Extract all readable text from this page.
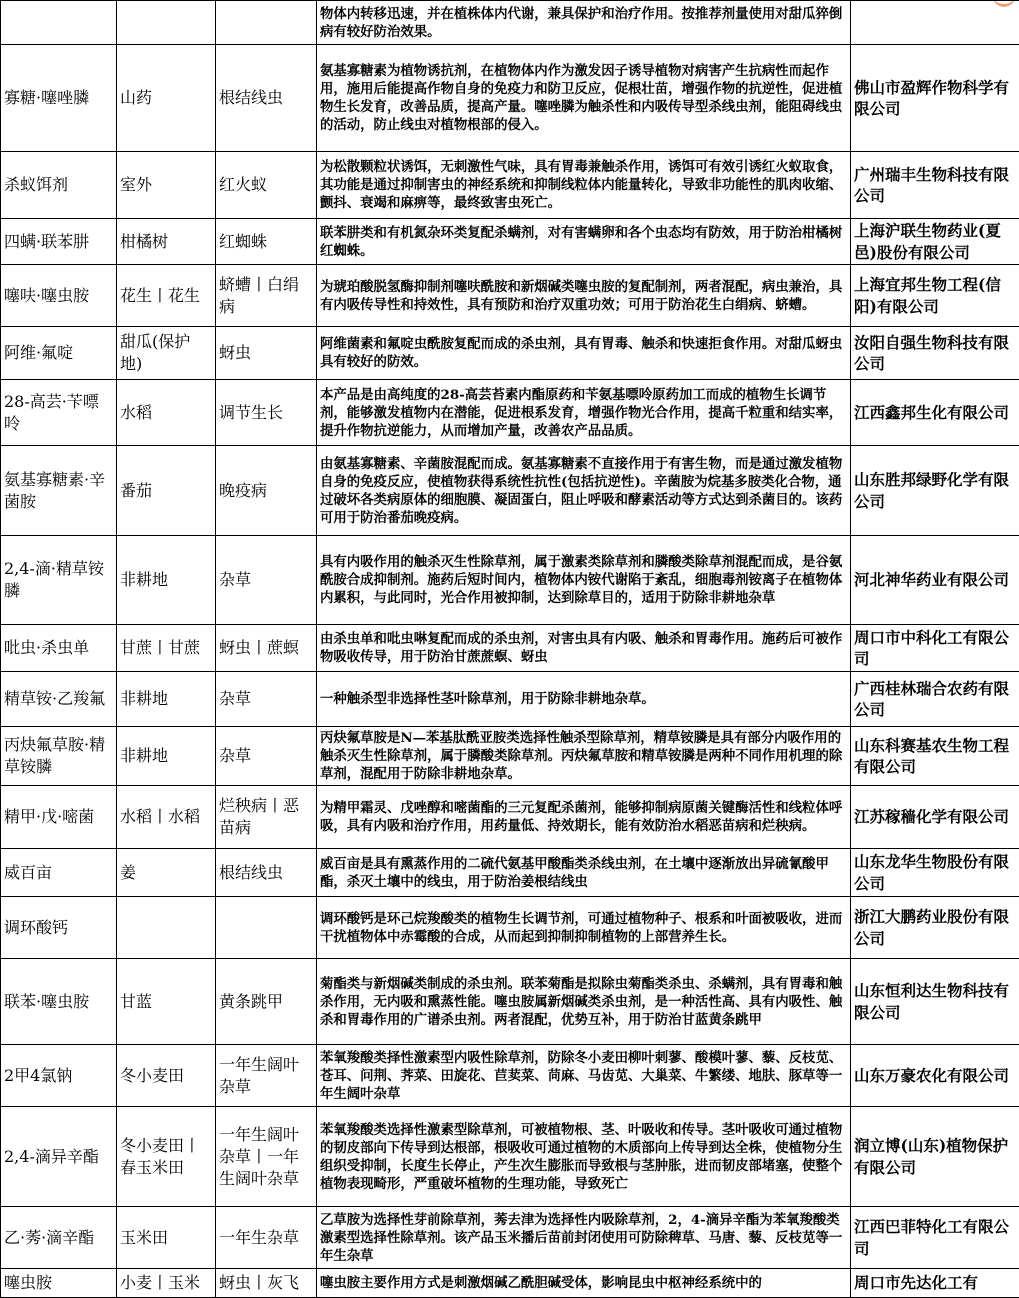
			物体内转移迅速，并在植株体内代谢，兼具保护和治疗作用。按推荐剂量使用对甜瓜猝倒病有较好防治效果。	
寡糖·噻唑膦	山药	根结线虫	氨基寡糖素为植物诱抗剂，在植物体内作为激发因子诱导植物对病害产生抗病性而起作用，施用后能提高作物自身的免疫力和防卫反应，促根壮苗，增强作物的抗逆性，促进植物生长发育，改善品质，提高产量。噻唑膦为触杀性和内吸传导型杀线虫剂，能阻碍线虫的活动，防止线虫对植物根部的侵入。	佛山市盈辉作物科学有限公司
杀蚁饵剂	室外	红火蚁	为松散颗粒状诱饵，无刺激性气味，具有胃毒兼触杀作用，诱饵可有效引诱红火蚁取食，其功能是通过抑制害虫的神经系统和抑制线粒体内能量转化，导致非功能性的肌肉收缩、颤抖、衰竭和麻痹等，最终致害虫死亡。	广州瑞丰生物科技有限公司
四螨·联苯肼	柑橘树	红蜘蛛	联苯肼类和有机氮杂环类复配杀螨剂，对有害螨卵和各个虫态均有防效，用于防治柑橘树红蜘蛛。	上海沪联生物药业(夏邑)股份有限公司
噻呋·噻虫胺	花生丨花生	蛴螬丨白绢病	为琥珀酸脱氢酶抑制剂噻呋酰胺和新烟碱类噻虫胺的复配制剂，两者混配，病虫兼治，具有内吸传导性和持效性，具有预防和治疗双重功效；可用于防治花生白绢病、蛴螬。	上海宜邦生物工程(信阳)有限公司
阿维·氟啶	甜瓜(保护地)	蚜虫	阿维菌素和氟啶虫酰胺复配而成的杀虫剂，具有胃毒、触杀和快速拒食作用。对甜瓜蚜虫具有较好的防效。	汝阳自强生物科技有限公司
28-高芸·苄嘌呤	水稻	调节生长	本产品是由高纯度的28-高芸苔素内酯原药和苄氨基嘌呤原药加工而成的植物生长调节剂，能够激发植物内在潜能，促进根系发育，增强作物光合作用，提高千粒重和结实率，提升作物抗逆能力，从而增加产量，改善农产品品质。	江西鑫邦生化有限公司
氨基寡糖素·辛菌胺	番茄	晚疫病	由氨基寡糖素、辛菌胺混配而成。氨基寡糖素不直接作用于有害生物，而是通过激发植物自身的免疫反应，使植物获得系统性抗性(包括抗逆性)。辛菌胺为烷基多胺类化合物，通过破坏各类病原体的细胞膜、凝固蛋白，阻止呼吸和酵素活动等方式达到杀菌目的。该药可用于防治番茄晚疫病。	山东胜邦绿野化学有限公司
2,4-滴·精草铵膦	非耕地	杂草	具有内吸作用的触杀灭生性除草剂，属于激素类除草剂和膦酸类除草剂混配而成，是谷氨酰胺合成抑制剂。施药后短时间内，植物体内铵代谢陷于紊乱，细胞毒剂铵离子在植物体内累积，与此同时，光合作用被抑制，达到除草目的，适用于防除非耕地杂草	河北神华药业有限公司
吡虫·杀虫单	甘蔗丨甘蔗	蚜虫丨蔗螟	由杀虫单和吡虫啉复配而成的杀虫剂，对害虫具有内吸、触杀和胃毒作用。施药后可被作物吸收传导，用于防治甘蔗蔗螟、蚜虫	周口市中科化工有限公司
精草铵·乙羧氟	非耕地	杂草	一种触杀型非选择性茎叶除草剂，用于防除非耕地杂草。	广西桂林瑞合农药有限公司
丙炔氟草胺·精草铵膦	非耕地	杂草	丙炔氟草胺是N—苯基肽酰亚胺类选择性触杀型除草剂，精草铵膦是具有部分内吸作用的触杀灭生性除草剂，属于膦酸类除草剂。丙炔氟草胺和精草铵膦是两种不同作用机理的除草剂，混配用于防除非耕地杂草。	山东科赛基农生物工程有限公司
精甲·戊·嘧菌	水稻丨水稻	烂秧病丨恶苗病	为精甲霜灵、戊唑醇和嘧菌酯的三元复配杀菌剂，能够抑制病原菌关键酶活性和线粒体呼吸，具有内吸和治疗作用，用药量低、持效期长，能有效防治水稻恶苗病和烂秧病。	江苏稼穑化学有限公司
威百亩	姜	根结线虫	威百亩是具有熏蒸作用的二硫代氨基甲酸酯类杀线虫剂，在土壤中逐渐放出异硫氰酸甲酯，杀灭土壤中的线虫，用于防治姜根结线虫	山东龙华生物股份有限公司
调环酸钙			调环酸钙是环己烷羧酸类的植物生长调节剂，可通过植物种子、根系和叶面被吸收，进而干扰植物体中赤霉酸的合成，从而起到抑制抑制植物的上部营养生长。	浙江大鹏药业股份有限公司
联苯·噻虫胺	甘蓝	黄条跳甲	菊酯类与新烟碱类制成的杀虫剂。联苯菊酯是拟除虫菊酯类杀虫、杀螨剂，具有胃毒和触杀作用，无内吸和熏蒸性能。噻虫胺属新烟碱类杀虫剂，是一种活性高、具有内吸性、触杀和胃毒作用的广谱杀虫剂。两者混配，优势互补，用于防治甘蓝黄条跳甲	山东恒利达生物科技有限公司
2甲4氯钠	冬小麦田	一年生阔叶杂草	苯氧羧酸类择性激素型内吸性除草剂，防除冬小麦田柳叶刺蓼、酸模叶蓼、藜、反枝苋、苍耳、问荆、荠菜、田旋花、苣荬菜、苘麻、马齿苋、大巢菜、牛繁缕、地肤、豚草等一年生阔叶杂草	山东万豪农化有限公司
2,4-滴异辛酯	冬小麦田丨春玉米田	一年生阔叶杂草丨一年生阔叶杂草	苯氧羧酸类选择性激素型除草剂，可被植物根、茎、叶吸收和传导。茎叶吸收可通过植物的韧皮部向下传导到达根部，根吸收可通过植物的木质部向上传导到达全株，使植物分生组织受抑制，长度生长停止，产生次生膨胀而导致根与茎肿胀，进而韧皮部堵塞，使整个植物表现畸形，严重破坏植物的生理功能，导致死亡	润立博(山东)植物保护有限公司
乙·莠·滴辛酯	玉米田	一年生杂草	乙草胺为选择性芽前除草剂，莠去津为选择性内吸除草剂，2，4-滴异辛酯为苯氧羧酸类激素型选择性除草剂。该产品玉米播后苗前封闭使用可防除稗草、马唐、藜、反枝苋等一年生杂草	江西巴菲特化工有限公司
噻虫胺	小麦丨玉米	蚜虫丨灰飞	噻虫胺主要作用方式是刺激烟碱乙酰胆碱受体，影响昆虫中枢神经系统中的	周口市先达化工有
